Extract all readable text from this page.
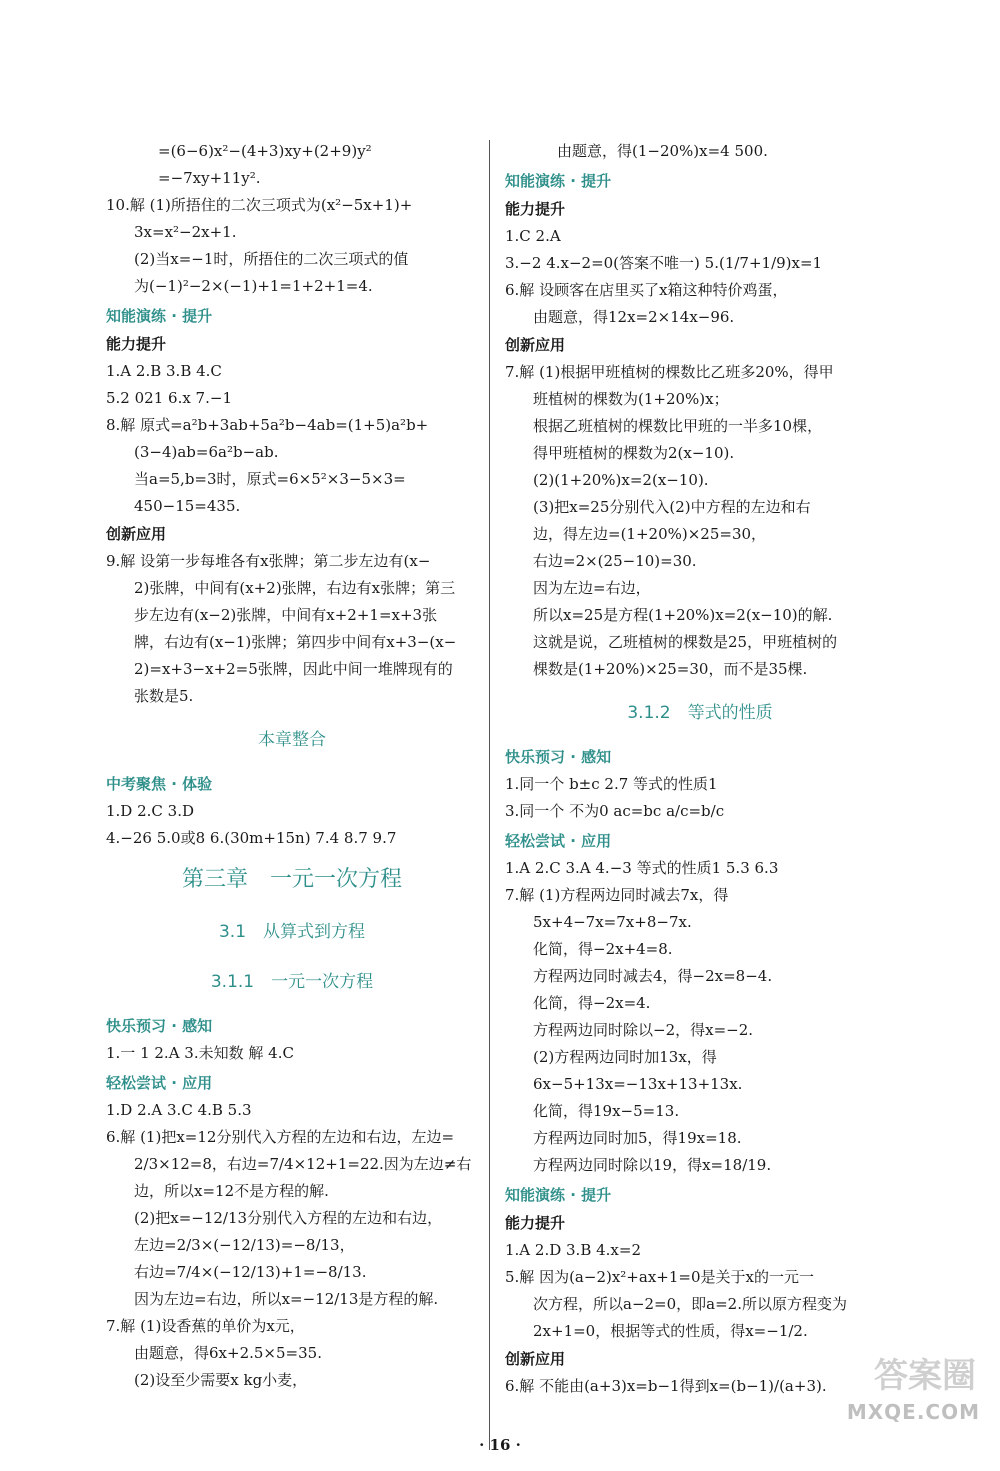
=(6−6)x²−(4+3)xy+(2+9)y²
=−7xy+11y².
10.解 (1)所捂住的二次三项式为(x²−5x+1)+
3x=x²−2x+1.
(2)当x=−1时，所捂住的二次三项式的值
为(−1)²−2×(−1)+1=1+2+1=4.
知能演练 · 提升
能力提升
1.A 2.B 3.B 4.C
5.2 021 6.x 7.−1
8.解 原式=a²b+3ab+5a²b−4ab=(1+5)a²b+
(3−4)ab=6a²b−ab.
当a=5,b=3时，原式=6×5²×3−5×3=
450−15=435.
创新应用
9.解 设第一步每堆各有x张牌；第二步左边有(x−
2)张牌，中间有(x+2)张牌，右边有x张牌；第三
步左边有(x−2)张牌，中间有x+2+1=x+3张
牌，右边有(x−1)张牌；第四步中间有x+3−(x−
2)=x+3−x+2=5张牌，因此中间一堆牌现有的
张数是5.
本章整合
中考聚焦 · 体验
1.D 2.C 3.D
4.−26 5.0或8 6.(30m+15n) 7.4 8.7 9.7
第三章　一元一次方程
3.1　从算式到方程
3.1.1　一元一次方程
快乐预习 · 感知
1.一 1 2.A 3.未知数 解 4.C
轻松尝试 · 应用
1.D 2.A 3.C 4.B 5.3
6.解 (1)把x=12分别代入方程的左边和右边，左边=
2/3×12=8，右边=7/4×12+1=22.因为左边≠右
边，所以x=12不是方程的解.
(2)把x=−12/13分别代入方程的左边和右边，
左边=2/3×(−12/13)=−8/13，
右边=7/4×(−12/13)+1=−8/13.
因为左边=右边，所以x=−12/13是方程的解.
7.解 (1)设香蕉的单价为x元，
由题意，得6x+2.5×5=35.
(2)设至少需要x kg小麦，
由题意，得(1−20%)x=4 500.
知能演练 · 提升
能力提升
1.C 2.A
3.−2 4.x−2=0(答案不唯一) 5.(1/7+1/9)x=1
6.解 设顾客在店里买了x箱这种特价鸡蛋，
由题意，得12x=2×14x−96.
创新应用
7.解 (1)根据甲班植树的棵数比乙班多20%，得甲
班植树的棵数为(1+20%)x；
根据乙班植树的棵数比甲班的一半多10棵，
得甲班植树的棵数为2(x−10).
(2)(1+20%)x=2(x−10).
(3)把x=25分别代入(2)中方程的左边和右
边，得左边=(1+20%)×25=30，
右边=2×(25−10)=30.
因为左边=右边，
所以x=25是方程(1+20%)x=2(x−10)的解.
这就是说，乙班植树的棵数是25，甲班植树的
棵数是(1+20%)×25=30，而不是35棵.
3.1.2　等式的性质
快乐预习 · 感知
1.同一个 b±c 2.7 等式的性质1
3.同一个 不为0 ac=bc a/c=b/c
轻松尝试 · 应用
1.A 2.C 3.A 4.−3 等式的性质1 5.3 6.3
7.解 (1)方程两边同时减去7x，得
5x+4−7x=7x+8−7x.
化简，得−2x+4=8.
方程两边同时减去4，得−2x=8−4.
化简，得−2x=4.
方程两边同时除以−2，得x=−2.
(2)方程两边同时加13x，得
6x−5+13x=−13x+13+13x.
化简，得19x−5=13.
方程两边同时加5，得19x=18.
方程两边同时除以19，得x=18/19.
知能演练 · 提升
能力提升
1.A 2.D 3.B 4.x=2
5.解 因为(a−2)x²+ax+1=0是关于x的一元一
次方程，所以a−2=0，即a=2.所以原方程变为
2x+1=0，根据等式的性质，得x=−1/2.
创新应用
6.解 不能由(a+3)x=b−1得到x=(b−1)/(a+3).	答案圈
MXQE.COM
· 16 ·
